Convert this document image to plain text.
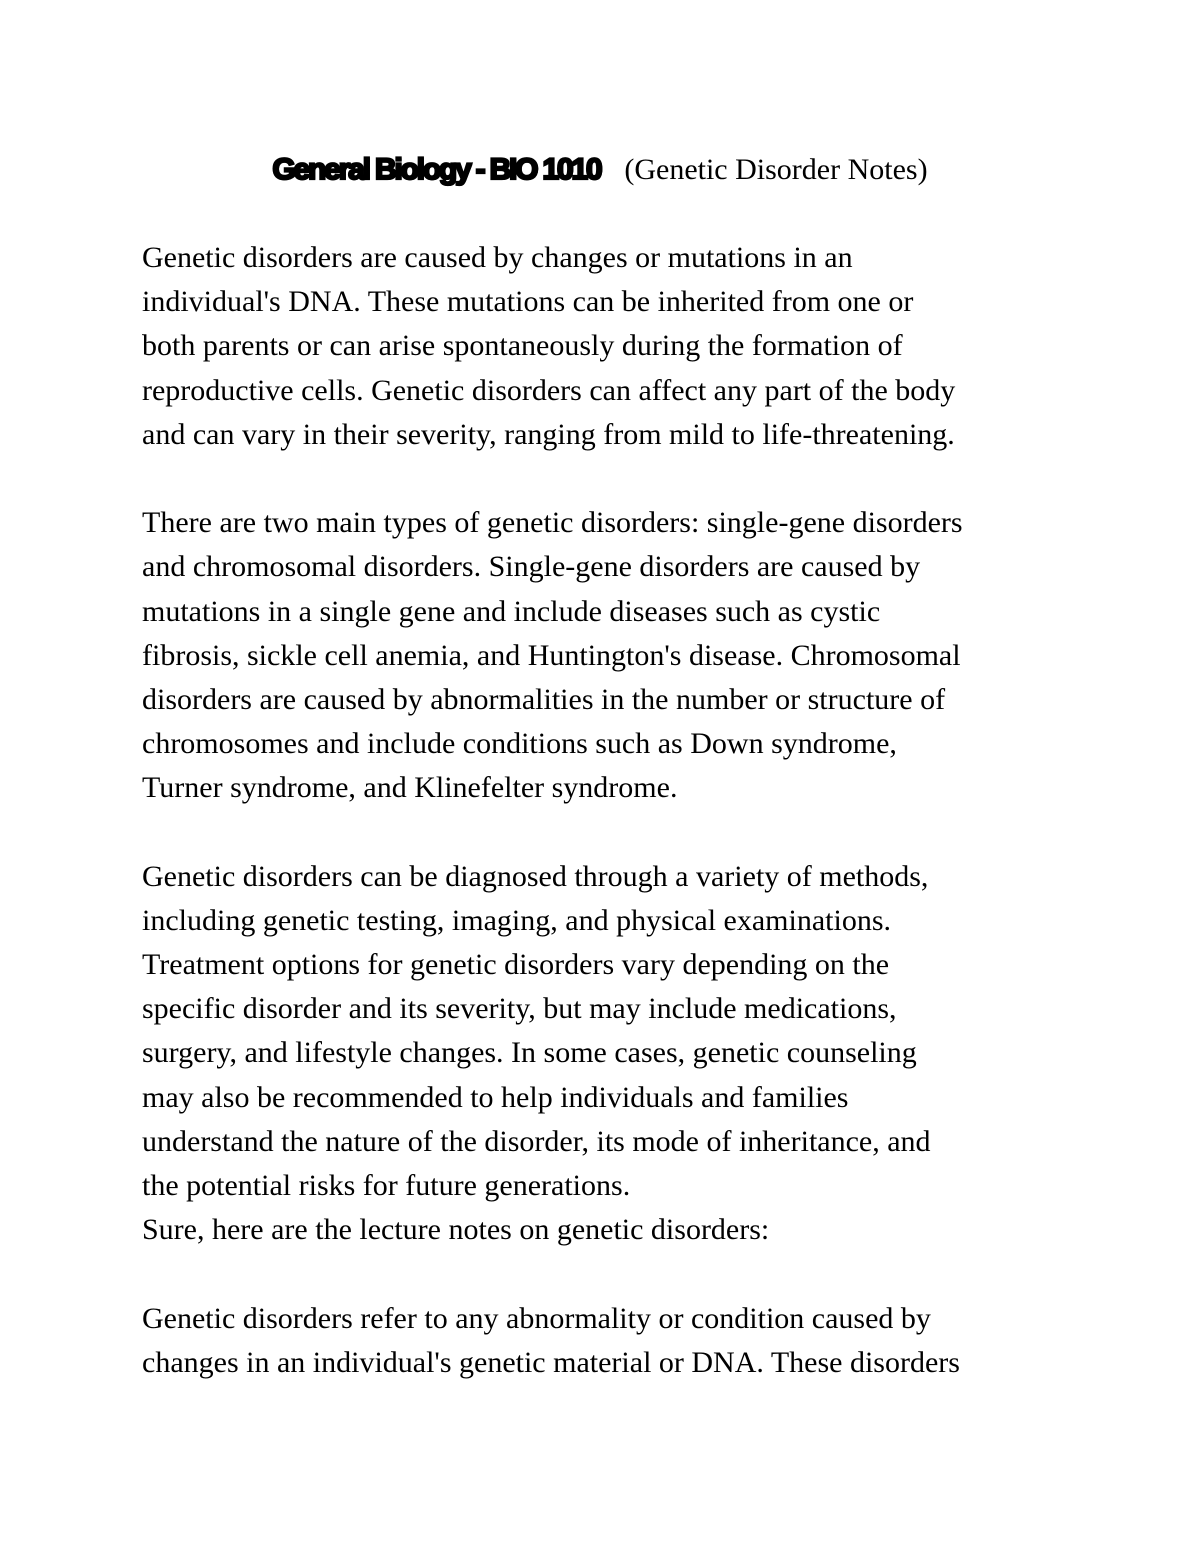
General Biology - BIO 1010 (Genetic Disorder Notes)
Genetic disorders are caused by changes or mutations in an
individual's DNA. These mutations can be inherited from one or
both parents or can arise spontaneously during the formation of
reproductive cells. Genetic disorders can affect any part of the body
and can vary in their severity, ranging from mild to life-threatening.
There are two main types of genetic disorders: single-gene disorders
and chromosomal disorders. Single-gene disorders are caused by
mutations in a single gene and include diseases such as cystic
fibrosis, sickle cell anemia, and Huntington's disease. Chromosomal
disorders are caused by abnormalities in the number or structure of
chromosomes and include conditions such as Down syndrome,
Turner syndrome, and Klinefelter syndrome.
Genetic disorders can be diagnosed through a variety of methods,
including genetic testing, imaging, and physical examinations.
Treatment options for genetic disorders vary depending on the
specific disorder and its severity, but may include medications,
surgery, and lifestyle changes. In some cases, genetic counseling
may also be recommended to help individuals and families
understand the nature of the disorder, its mode of inheritance, and
the potential risks for future generations.
Sure, here are the lecture notes on genetic disorders:
Genetic disorders refer to any abnormality or condition caused by
changes in an individual's genetic material or DNA. These disorders
